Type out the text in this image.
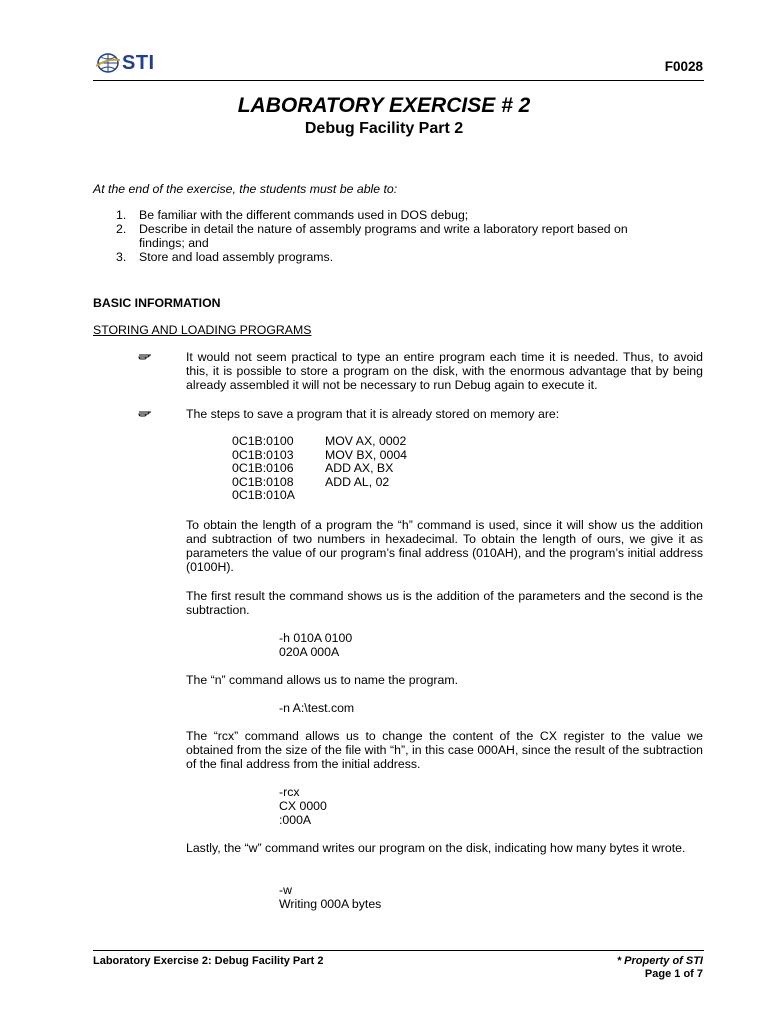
STI	F0028
LABORATORY EXERCISE # 2
Debug Facility Part 2
At the end of the exercise, the students must be able to:
1. Be familiar with the different commands used in DOS debug;
2. Describe in detail the nature of assembly programs and write a laboratory report based on findings; and
3. Store and load assembly programs.
BASIC INFORMATION
STORING AND LOADING PROGRAMS
It would not seem practical to type an entire program each time it is needed. Thus, to avoid this, it is possible to store a program on the disk, with the enormous advantage that by being already assembled it will not be necessary to run Debug again to execute it.
The steps to save a program that it is already stored on memory are:
0C1B:0100	MOV AX, 0002
0C1B:0103	MOV BX, 0004
0C1B:0106	ADD AX, BX
0C1B:0108	ADD AL, 02
0C1B:010A	
To obtain the length of a program the “h” command is used, since it will show us the addition and subtraction of two numbers in hexadecimal. To obtain the length of ours, we give it as parameters the value of our program’s final address (010AH), and the program’s initial address (0100H).
The first result the command shows us is the addition of the parameters and the second is the subtraction.
-h 010A 0100
020A 000A
The “n” command allows us to name the program.
-n A:\test.com
The “rcx” command allows us to change the content of the CX register to the value we obtained from the size of the file with “h”, in this case 000AH, since the result of the subtraction of the final address from the initial address.
-rcx
CX 0000
:000A
Lastly, the “w” command writes our program on the disk, indicating how many bytes it wrote.
-w
Writing 000A bytes
Laboratory Exercise 2: Debug Facility Part 2	* Property of STI
Page 1 of 7
